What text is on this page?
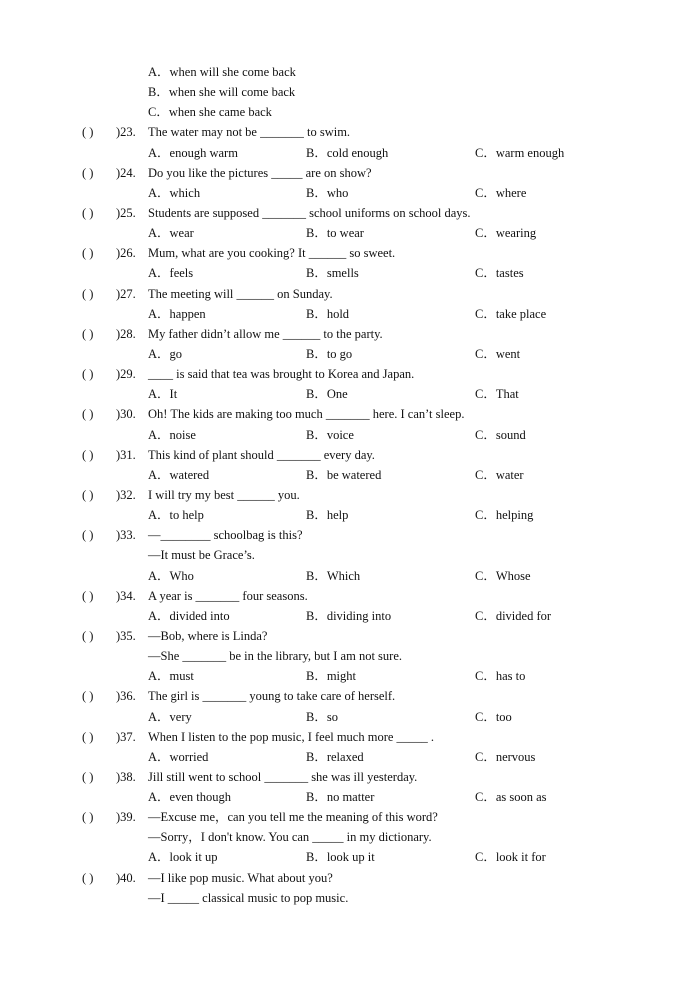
A．when will she come back
B．when she will come back
C．when she came back
( ) )23. The water may not be _______ to swim.
A．enough warm	B．cold enough	C．warm enough
( ) )24. Do you like the pictures _____ are on show?
A．which	B．who	C．where
( ) )25. Students are supposed _______ school uniforms on school days.
A．wear	B．to wear	C．wearing
( ) )26. Mum, what are you cooking? It ______ so sweet.
A．feels	B．smells	C．tastes
( ) )27. The meeting will ______ on Sunday.
A．happen	B．hold	C．take place
( ) )28. My father didn’t allow me ______ to the party.
A．go	B．to go	C．went
( ) )29. ____ is said that tea was brought to Korea and Japan.
A．It	B．One	C．That
( ) )30. Oh! The kids are making too much _______ here. I can’t sleep.
A．noise	B．voice	C．sound
( ) )31. This kind of plant should _______ every day.
A．watered	B．be watered	C．water
( ) )32. I will try my best ______ you.
A．to help	B．help	C．helping
( ) )33. —________ schoolbag is this?
—It must be Grace’s.
A．Who	B．Which	C．Whose
( ) )34. A year is _______ four seasons.
A．divided into	B．dividing into	C．divided for
( ) )35. —Bob, where is Linda?
—She _______ be in the library, but I am not sure.
A．must	B．might	C．has to
( ) )36. The girl is _______ young to take care of herself.
A．very	B．so	C．too
( ) )37. When I listen to the pop music, I feel much more _____ .
A．worried	B．relaxed	C．nervous
( ) )38. Jill still went to school _______ she was ill yesterday.
A．even though	B．no matter	C．as soon as
( ) )39. —Excuse me，can you tell me the meaning of this word?
—Sorry，I don't know. You can _____ in my dictionary.
A．look it up	B．look up it	C．look it for
( ) )40. —I like pop music. What about you?
—I _____ classical music to pop music.
